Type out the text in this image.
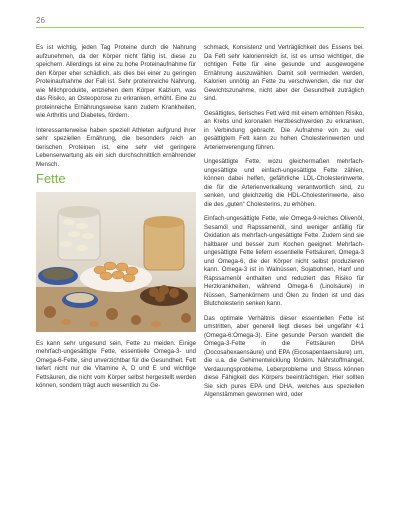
26

Es ist wichtig, jeden Tag Proteine durch die Nahrung aufzunehmen, da der Körper nicht fähig ist, diese zu speichern. Allerdings ist eine zu hohe Proteinaufnahme für den Körper eher schädlich, als dies bei einer zu geringen Proteinaufnahme der Fall ist. Sehr proteinreiche Nahrung, wie Milchprodukte, entziehen dem Körper Kalzium, was das Risiko, an Osteoporose zu erkranken, erhöht. Eine zu proteinreiche Ernährungsweise kann zudem Krankheiten, wie Arthritis und Diabetes, fördern.

Interessanterweise haben speziell Athleten aufgrund ihrer sehr speziellen Ernährung, die besonders reich an tierischen Proteinen ist, eine sehr viel geringere Lebenserwartung als ein sich durchschnittlich ernährender Mensch.

Fette

Es kann sehr ungesund sein, Fette zu meiden. Einige mehrfach-ungesättigte Fette, essentielle Omega-3- und Omega-6-Fette, sind unverzichtbar für die Gesundheit. Fett liefert nicht nur die Vitamine A, D und E und wichtige Fettsäuren, die nicht vom Körper selbst hergestellt werden können, sondern trägt auch wesentlich zu Ge-

schmack, Konsistenz und Verträglichkeit des Essens bei. Da Fett sehr kalorienreich ist, ist es umso wichtiger, die richtigen Fette für eine gesunde und ausgewogene Ernährung auszuwählen. Damit soll vermieden werden, Kalorien unnötig an Fette zu verschwenden, die nur der Gewichtszunahme, nicht aber der Gesundheit zuträglich sind.

Gesättigtes, tierisches Fett wird mit einem erhöhten Risiko, an Krebs und koronalen Herzbeschwerden zu erkranken, in Verbindung gebracht. Die Aufnahme von zu viel gesättigtem Fett kann zu hohen Cholesterinwerten und Arterienverengung führen.

Ungesättigte Fette, wozu gleichermaßen mehrfach-ungesättigte und einfach-ungesättigte Fette zählen, können dabei helfen, gefährliche LDL-Cholesterinwerte, die für die Arterienverkalkung verantwortlich sind, zu senken, und gleichzeitig die HDL-Cholesterinwerte, also die des „guten“ Cholesterins, zu erhöhen.

Einfach-ungesättigte Fette, wie Omega-9-reiches Olivenöl, Sesamöl und Rapssamenöl, sind weniger anfällig für Oxidation als mehrfach-ungesättigte Fette. Zudem sind sie haltbarer und besser zum Kochen geeignet. Mehrfach-ungesättigte Fette liefern essentielle Fettsäuren, Omega-3 und Omega-6, die der Körper nicht selbst produzieren kann. Omega-3 ist in Walnüssen, Sojabohnen, Hanf und Rapssamenöl enthalten und reduziert das Risiko für Herzkrankheiten, während Omega-6 (Linolsäure) in Nüssen, Samenkörnern und Ölen zu finden ist und das Blutcholesterin senken kann.

Das optimale Verhältnis dieser essentiellen Fette ist umstritten, aber generell liegt dieses bei ungefähr 4:1 (Omega-6:Omega-3). Eine gesunde Person wandelt die Omega-3-Fette in die Fettsäuren DHA (Docosahexaensäure) und EPA (Eicosapentaensäure) um, die u.a. die Gehirnentwicklung fördern. Nährstoffmangel, Verdauungsprobleme, Leberprobleme und Stress können diese Fähigkeit des Körpers beeinträchtigen. Hier sollten Sie sich pures EPA und DHA, welches aus speziellen Algenstämmen gewonnen wird, oder
